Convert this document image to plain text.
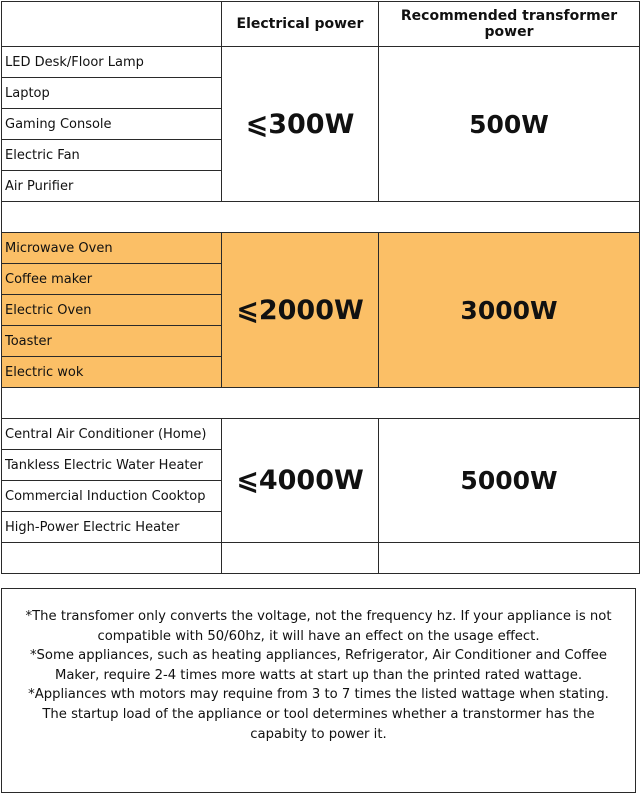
	Electrical power	Recommended transformer power
LED Desk/Floor Lamp	⩽300W	500W
Laptop		
Gaming Console		
Electric Fan		
Air Purifier		

Microwave Oven	⩽2000W	3000W
Coffee maker		
Electric Oven		
Toaster		
Electric wok		

Central Air Conditioner (Home)	⩽4000W	5000W
Tankless Electric Water Heater		
Commercial Induction Cooktop		
High-Power Electric Heater		

*The transfomer only converts the voltage, not the frequency hz. If your appliance is not compatible with 50/60hz, it will have an effect on the usage effect.

*Some appliances, such as heating appliances, Refrigerator, Air Conditioner and Coffee Maker, require 2-4 times more watts at start up than the printed rated wattage.

*Appliances wth motors may requine from 3 to 7 times the listed wattage when stating. The startup load of the appliance or tool determines whether a transtormer has the capabity to power it.
